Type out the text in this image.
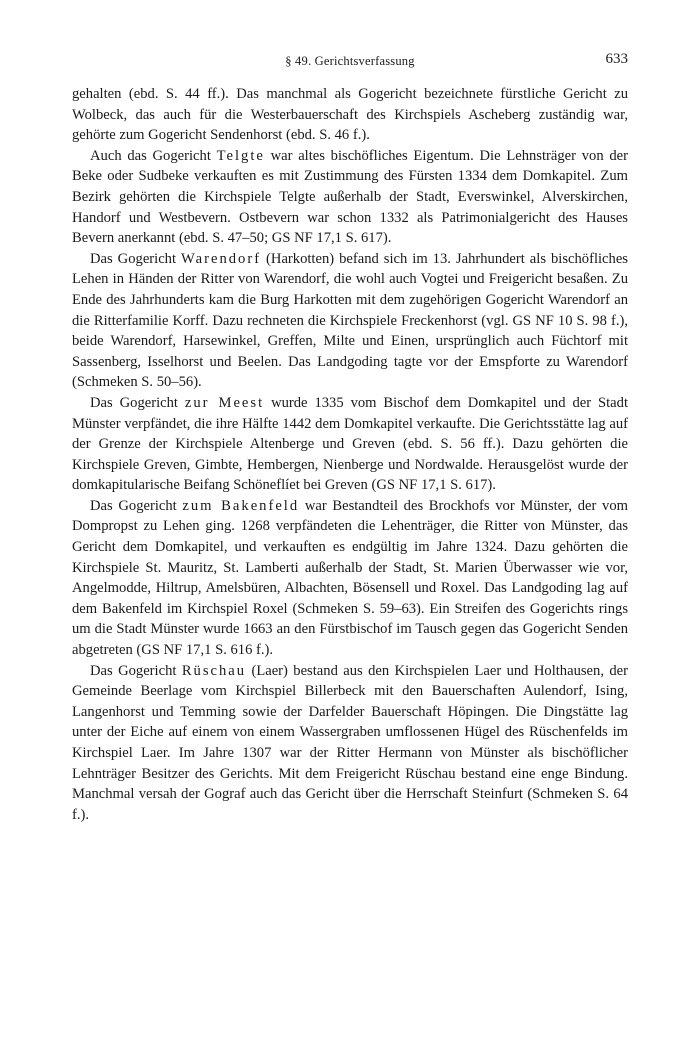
§ 49. Gerichtsverfassung	633

gehalten (ebd. S. 44 ff.). Das manchmal als Gogericht bezeichnete fürstliche Gericht zu Wolbeck, das auch für die Westerbauerschaft des Kirchspiels Ascheberg zuständig war, gehörte zum Gogericht Sendenhorst (ebd. S. 46 f.).

Auch das Gogericht Telgte war altes bischöfliches Eigentum. Die Lehnsträger von der Beke oder Sudbeke verkauften es mit Zustimmung des Fürsten 1334 dem Domkapitel. Zum Bezirk gehörten die Kirchspiele Telgte außerhalb der Stadt, Everswinkel, Alverskirchen, Handorf und Westbevern. Ostbevern war schon 1332 als Patrimonialgericht des Hauses Bevern anerkannt (ebd. S. 47–50; GS NF 17,1 S. 617).

Das Gogericht Warendorf (Harkotten) befand sich im 13. Jahrhundert als bischöfliches Lehen in Händen der Ritter von Warendorf, die wohl auch Vogtei und Freigericht besaßen. Zu Ende des Jahrhunderts kam die Burg Harkotten mit dem zugehörigen Gogericht Warendorf an die Ritterfamilie Korff. Dazu rechneten die Kirchspiele Freckenhorst (vgl. GS NF 10 S. 98 f.), beide Warendorf, Harsewinkel, Greffen, Milte und Einen, ursprünglich auch Füchtorf mit Sassenberg, Isselhorst und Beelen. Das Landgoding tagte vor der Emspforte zu Warendorf (Schmeken S. 50–56).

Das Gogericht zur Meest wurde 1335 vom Bischof dem Domkapitel und der Stadt Münster verpfändet, die ihre Hälfte 1442 dem Domkapitel verkaufte. Die Gerichtsstätte lag auf der Grenze der Kirchspiele Altenberge und Greven (ebd. S. 56 ff.). Dazu gehörten die Kirchspiele Greven, Gimbte, Hembergen, Nienberge und Nordwalde. Herausgelöst wurde der domkapitularische Beifang Schöneflíet bei Greven (GS NF 17,1 S. 617).

Das Gogericht zum Bakenfeld war Bestandteil des Brockhofs vor Münster, der vom Dompropst zu Lehen ging. 1268 verpfändeten die Lehenträger, die Ritter von Münster, das Gericht dem Domkapitel, und verkauften es endgültig im Jahre 1324. Dazu gehörten die Kirchspiele St. Mauritz, St. Lamberti außerhalb der Stadt, St. Marien Überwasser wie vor, Angelmodde, Hiltrup, Amelsbüren, Albachten, Bösensell und Roxel. Das Landgoding lag auf dem Bakenfeld im Kirchspiel Roxel (Schmeken S. 59–63). Ein Streifen des Gogerichts rings um die Stadt Münster wurde 1663 an den Fürstbischof im Tausch gegen das Gogericht Senden abgetreten (GS NF 17,1 S. 616 f.).

Das Gogericht Rüschau (Laer) bestand aus den Kirchspielen Laer und Holthausen, der Gemeinde Beerlage vom Kirchspiel Billerbeck mit den Bauerschaften Aulendorf, Ising, Langenhorst und Temming sowie der Darfelder Bauerschaft Höpingen. Die Dingstätte lag unter der Eiche auf einem von einem Wassergraben umflossenen Hügel des Rüschenfelds im Kirchspiel Laer. Im Jahre 1307 war der Ritter Hermann von Münster als bischöflicher Lehnträger Besitzer des Gerichts. Mit dem Freigericht Rüschau bestand eine enge Bindung. Manchmal versah der Gograf auch das Gericht über die Herrschaft Steinfurt (Schmeken S. 64 f.).
